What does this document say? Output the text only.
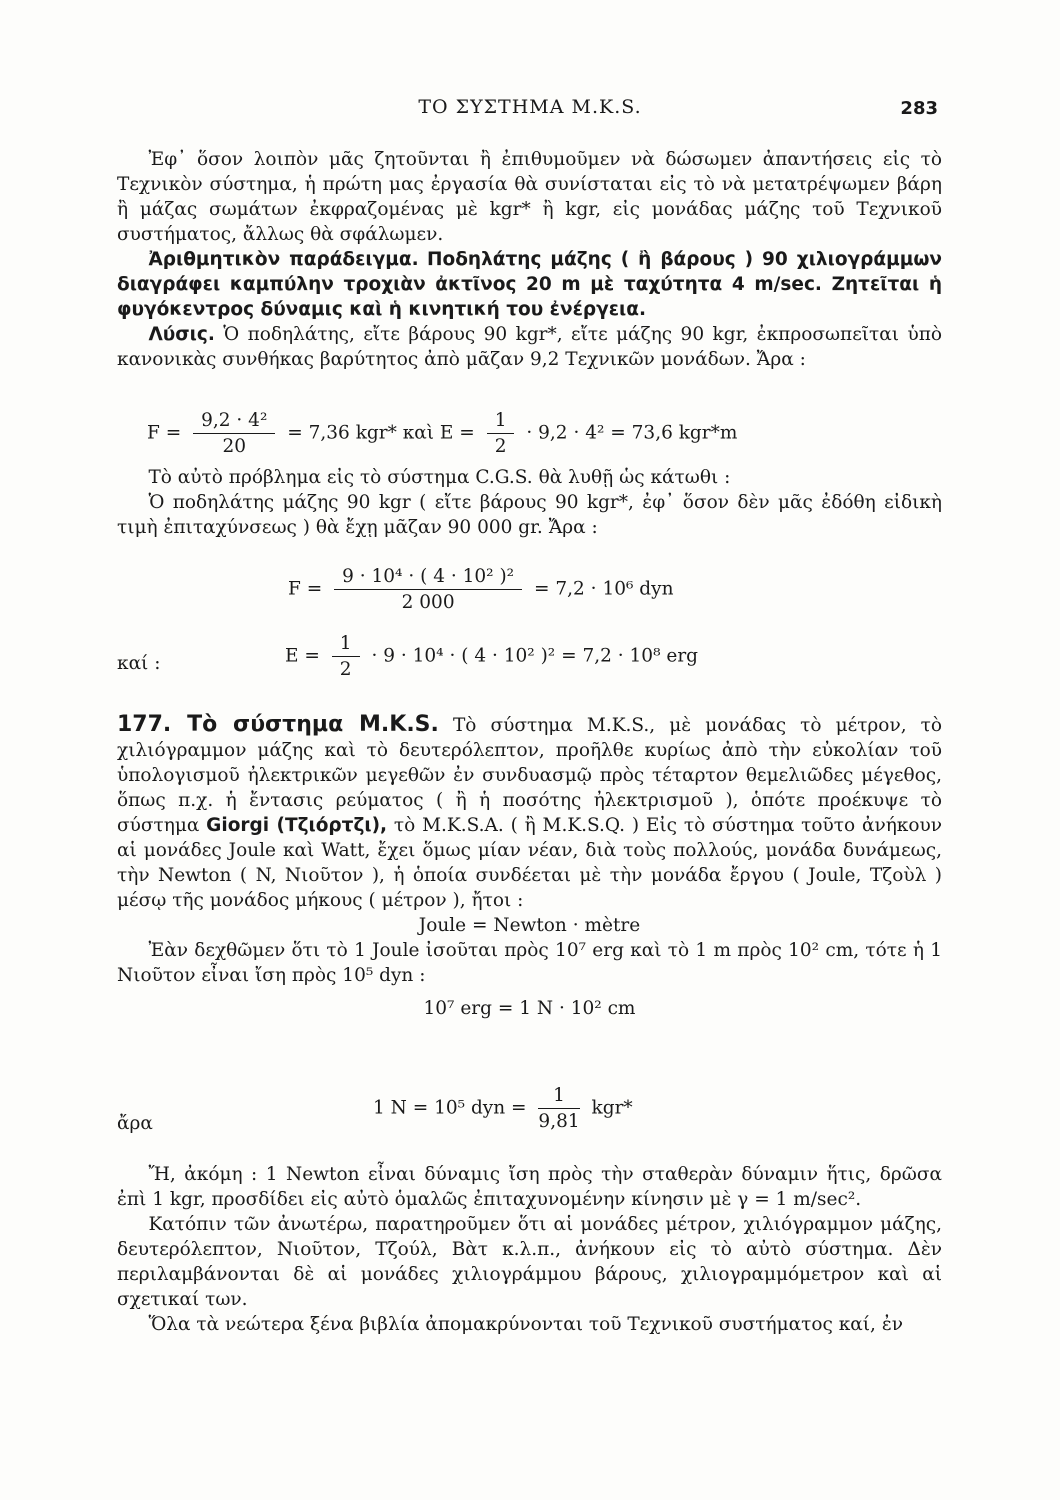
ΤΟ ΣΥΣΤΗΜΑ Μ.Κ.S.	283

Ἐφ᾽ ὅσον λοιπὸν μᾶς ζητοῦνται ἢ ἐπιθυμοῦμεν νὰ δώσωμεν ἀπαντήσεις εἰς τὸ Τεχνικὸν σύστημα, ἡ πρώτη μας ἐργασία θὰ συνίσταται εἰς τὸ νὰ μετατρέψωμεν βάρη ἢ μάζας σωμάτων ἐκφραζομένας μὲ kgr* ἢ kgr, εἰς μονάδας μάζης τοῦ Τεχνικοῦ συστήματος, ἄλλως θὰ σφάλωμεν.

Ἀριθμητικὸν παράδειγμα. Ποδηλάτης μάζης ( ἢ βάρους ) 90 χιλιογράμμων διαγράφει καμπύλην τροχιὰν ἀκτῖνος 20 m μὲ ταχύτητα 4 m/sec. Ζητεῖται ἡ φυγόκεντρος δύναμις καὶ ἡ κινητική του ἐνέργεια.

Λύσις. Ὁ ποδηλάτης, εἴτε βάρους 90 kgr*, εἴτε μάζης 90 kgr, ἐκπροσωπεῖται ὑπὸ κανονικὰς συνθήκας βαρύτητος ἀπὸ μᾶζαν 9,2 Τεχνικῶν μονάδων. Ἄρα :

$F = \frac{\text{9,2 · 4²}}{20} = 7,36$ kgr* καὶ $E = \frac{1}{2} \cdot 9,2 \cdot 4^2 = 73,6$ kgr*m

Τὸ αὐτὸ πρόβλημα εἰς τὸ σύστημα C.G.S. θὰ λυθῇ ὡς κάτωθι :

Ὁ ποδηλάτης μάζης 90 kgr ( εἴτε βάρους 90 kgr*, ἐφ᾽ ὅσον δὲν μᾶς ἐδόθη εἰδικὴ τιμὴ ἐπιταχύνσεως ) θὰ ἔχῃ μᾶζαν 90 000 gr. Ἄρα :

$F = \frac{\text{9 · 10⁴ · ( 4 · 10² )²}}{2 000} = 7,2 \cdot 10^6$ dyn
καί :	$E = \frac{1}{2} \cdot 9 \cdot 10^4$ · ( 4 · 10² )² = 7,2 · 10⁸ erg

177. Τὸ σύστημα Μ.Κ.S. Τὸ σύστημα Μ.Κ.S., μὲ μονάδας τὸ μέτρον, τὸ χιλιόγραμμον μάζης καὶ τὸ δευτερόλεπτον, προῆλθε κυρίως ἀπὸ τὴν εὐκολίαν τοῦ ὑπολογισμοῦ ἠλεκτρικῶν μεγεθῶν ἐν συνδυασμῷ πρὸς τέταρτον θεμελιῶδες μέγεθος, ὅπως π.χ. ἡ ἔντασις ρεύματος ( ἢ ἡ ποσότης ἠλεκτρισμοῦ ), ὁπότε προέκυψε τὸ σύστημα Giorgi (Τζιόρτζι), τὸ Μ.Κ.S.A. ( ἢ Μ.Κ.S.Q. ) Εἰς τὸ σύστημα τοῦτο ἀνήκουν αἱ μονάδες Joule καὶ Watt, ἔχει ὅμως μίαν νέαν, διὰ τοὺς πολλούς, μονάδα δυνάμεως, τὴν Newton ( N, Νιοῦτον ), ἡ ὁποία συνδέεται μὲ τὴν μονάδα ἔργου ( Joule, Τζοὺλ ) μέσῳ τῆς μονάδος μήκους ( μέτρον ), ἤτοι :

Joule = Newton · mètre

Ἐὰν δεχθῶμεν ὅτι τὸ 1 Joule ἰσοῦται πρὸς 10⁷ erg καὶ τὸ 1 m πρὸς 10² cm, τότε ἡ 1 Νιοῦτον εἶναι ἴση πρὸς 10⁵ dyn :

10⁷ erg = 1 N · 10² cm

ἄρα
1 N = 10⁵ dyn = $\frac{1}{9,81} kgr*$

Ἤ, ἀκόμη : 1 Newton εἶναι δύναμις ἴση πρὸς τὴν σταθερὰν δύναμιν ἥτις, δρῶσα ἐπὶ 1 kgr, προσδίδει εἰς αὐτὸ ὁμαλῶς ἐπιταχυνομένην κίνησιν μὲ γ = 1 m/sec².

Κατόπιν τῶν ἀνωτέρω, παρατηροῦμεν ὅτι αἱ μονάδες μέτρον, χιλιόγραμμον μάζης, δευτερόλεπτον, Νιοῦτον, Τζούλ, Βὰτ κ.λ.π., ἀνήκουν εἰς τὸ αὐτὸ σύστημα. Δὲν περιλαμβάνονται δὲ αἱ μονάδες χιλιογράμμου βάρους, χιλιογραμμόμετρον καὶ αἱ σχετικαί των.

Ὅλα τὰ νεώτερα ξένα βιβλία ἀπομακρύνονται τοῦ Τεχνικοῦ συστήματος καί, ἐν
